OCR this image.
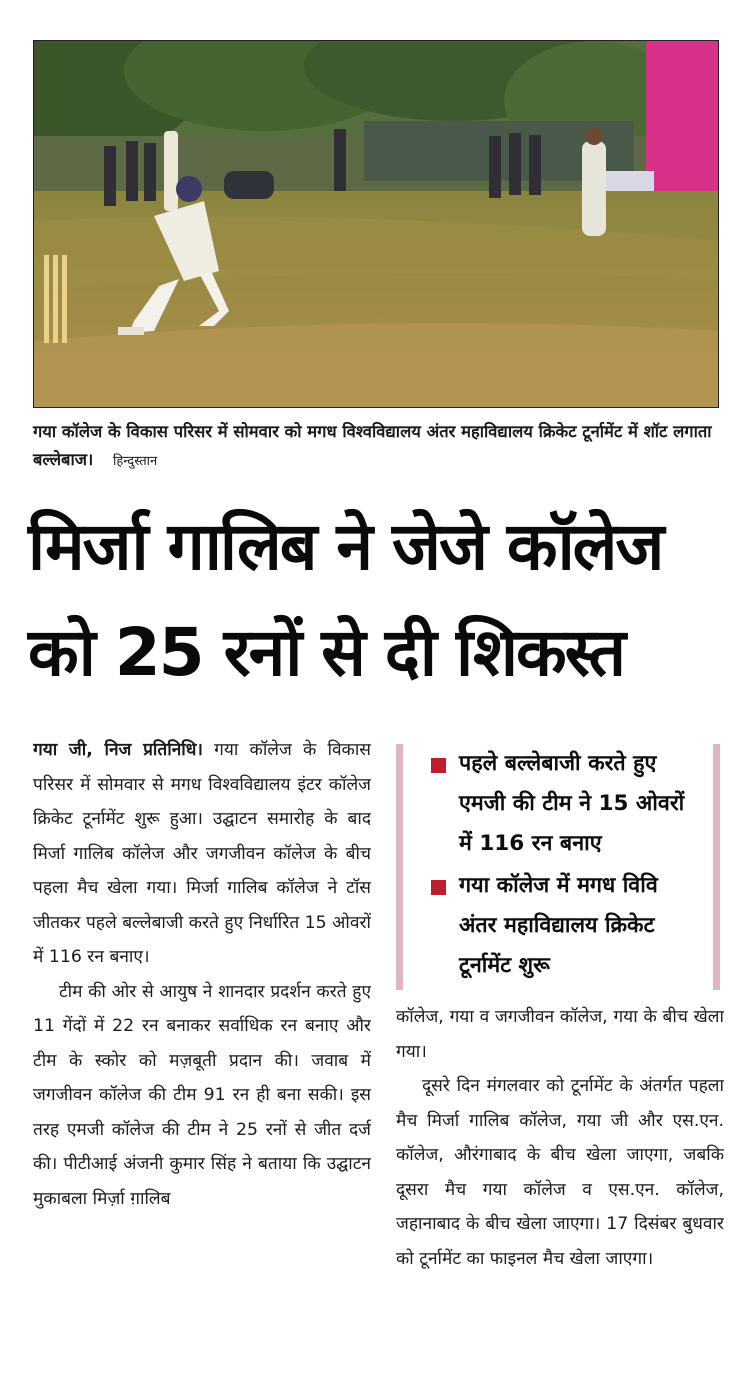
गया कॉलेज के विकास परिसर में सोमवार को मगध विश्वविद्यालय अंतर महाविद्यालय क्रिकेट टूर्नामेंट में शॉट लगाता बल्लेबाज। हिन्दुस्तान
मिर्जा गालिब ने जेजे कॉलेज
को 25 रनों से दी शिकस्त

गया जी, निज प्रतिनिधि। गया कॉलेज के विकास परिसर में सोमवार से मगध विश्वविद्यालय इंटर कॉलेज क्रिकेट टूर्नामेंट शुरू हुआ। उद्घाटन समारोह के बाद मिर्जा गालिब कॉलेज और जगजीवन कॉलेज के बीच पहला मैच खेला गया। मिर्जा गालिब कॉलेज ने टॉस जीतकर पहले बल्लेबाजी करते हुए निर्धारित 15 ओवरों में 116 रन बनाए।

टीम की ओर से आयुष ने शानदार प्रदर्शन करते हुए 11 गेंदों में 22 रन बनाकर सर्वाधिक रन बनाए और टीम के स्कोर को मज़बूती प्रदान की। जवाब में जगजीवन कॉलेज की टीम 91 रन ही बना सकी। इस तरह एमजी कॉलेज की टीम ने 25 रनों से जीत दर्ज की। पीटीआई अंजनी कुमार सिंह ने बताया कि उद्घाटन मुकाबला मिर्ज़ा ग़ालिब

पहले बल्लेबाजी करते हुए एमजी की टीम ने 15 ओवरों में 116 रन बनाए
गया कॉलेज में मगध विवि अंतर महाविद्यालय क्रिकेट टूर्नामेंट शुरू

कॉलेज, गया व जगजीवन कॉलेज, गया के बीच खेला गया।

दूसरे दिन मंगलवार को टूर्नामेंट के अंतर्गत पहला मैच मिर्जा गालिब कॉलेज, गया जी और एस.एन. कॉलेज, औरंगाबाद के बीच खेला जाएगा, जबकि दूसरा मैच गया कॉलेज व एस.एन. कॉलेज, जहानाबाद के बीच खेला जाएगा। 17 दिसंबर बुधवार को टूर्नामेंट का फाइनल मैच खेला जाएगा।
